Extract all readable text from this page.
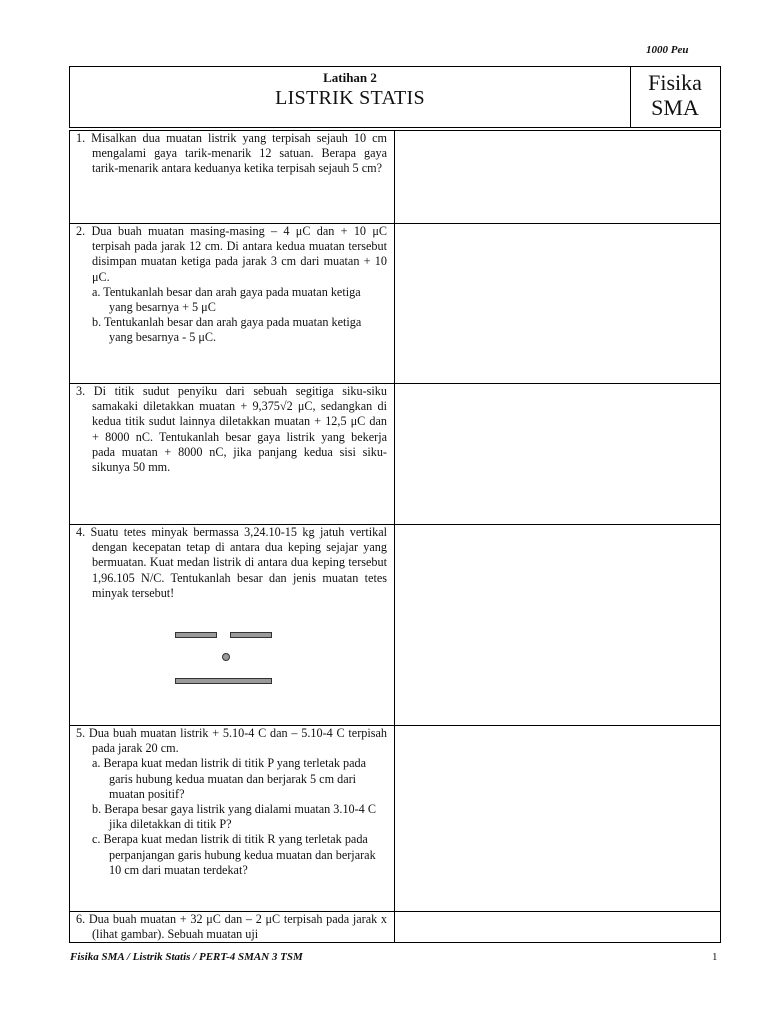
1000 Peu
Latihan 2
LISTRIK STATIS
Fisika
SMA

1. Misalkan dua muatan listrik yang terpisah sejauh 10 cm mengalami gaya tarik-menarik 12 satuan. Berapa gaya tarik-menarik antara keduanya ketika terpisah sejauh 5 cm?

2. Dua buah muatan masing-masing – 4 μC dan + 10 μC terpisah pada jarak 12 cm. Di antara kedua muatan tersebut disimpan muatan ketiga pada jarak 3 cm dari muatan + 10 μC.

a. Tentukanlah besar dan arah gaya pada muatan ketiga yang besarnya + 5 μC

b. Tentukanlah besar dan arah gaya pada muatan ketiga yang besarnya - 5 μC.

3. Di titik sudut penyiku dari sebuah segitiga siku-siku samakaki diletakkan muatan + 9,375√2 μC, sedangkan di kedua titik sudut lainnya diletakkan muatan + 12,5 μC dan + 8000 nC. Tentukanlah besar gaya listrik yang bekerja pada muatan + 8000 nC, jika panjang kedua sisi siku-sikunya 50 mm.

4. Suatu tetes minyak bermassa 3,24.10-15 kg jatuh vertikal dengan kecepatan tetap di antara dua keping sejajar yang bermuatan. Kuat medan listrik di antara dua keping tersebut 1,96.105 N/C. Tentukanlah besar dan jenis muatan tetes minyak tersebut!

5. Dua buah muatan listrik + 5.10-4 C dan – 5.10-4 C terpisah pada jarak 20 cm.

a. Berapa kuat medan listrik di titik P yang terletak pada garis hubung kedua muatan dan berjarak 5 cm dari muatan positif?

b. Berapa besar gaya listrik yang dialami muatan 3.10-4 C jika diletakkan di titik P?

c. Berapa kuat medan listrik di titik R yang terletak pada perpanjangan garis hubung kedua muatan dan berjarak 10 cm dari muatan terdekat?

6. Dua buah muatan + 32 μC dan – 2 μC terpisah pada jarak x (lihat gambar). Sebuah muatan uji

Fisika SMA / Listrik Statis / PERT-4 SMAN 3 TSM	1
